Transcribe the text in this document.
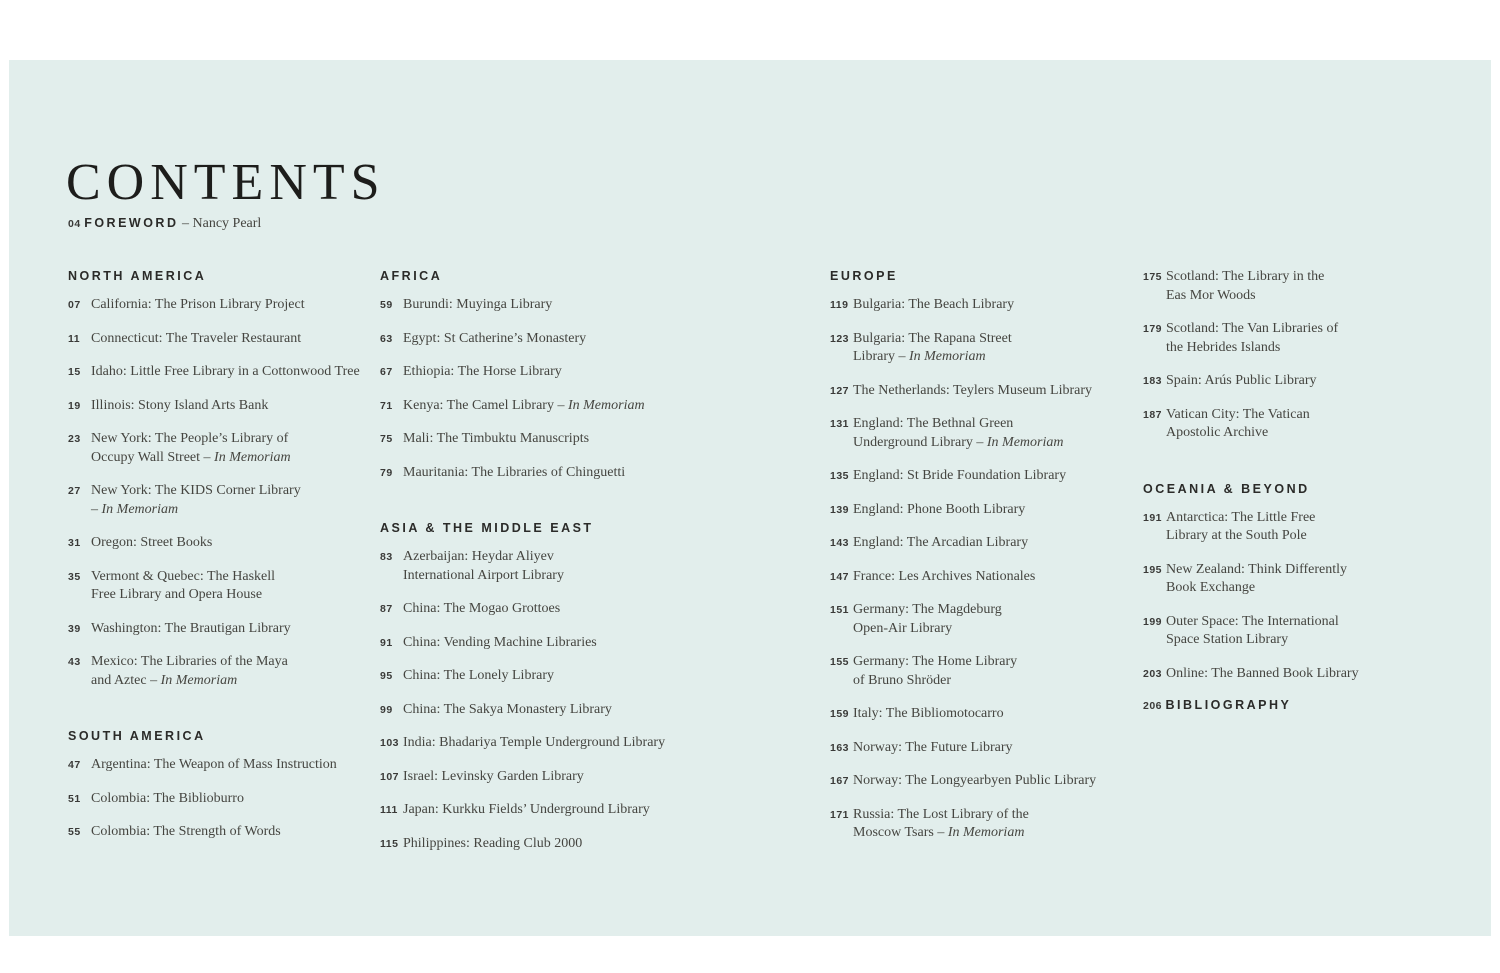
CONTENTS
04 FOREWORD – Nancy Pearl
NORTH AMERICA
07 California: The Prison Library Project
11 Connecticut: The Traveler Restaurant
15 Idaho: Little Free Library in a Cottonwood Tree
19 Illinois: Stony Island Arts Bank
23 New York: The People’s Library of
Occupy Wall Street – In Memoriam
27 New York: The KIDS Corner Library
– In Memoriam
31 Oregon: Street Books
35 Vermont & Quebec: The Haskell
Free Library and Opera House
39 Washington: The Brautigan Library
43 Mexico: The Libraries of the Maya
and Aztec – In Memoriam
SOUTH AMERICA
47 Argentina: The Weapon of Mass Instruction
51 Colombia: The Biblioburro
55 Colombia: The Strength of Words
AFRICA
59 Burundi: Muyinga Library
63 Egypt: St Catherine’s Monastery
67 Ethiopia: The Horse Library
71 Kenya: The Camel Library – In Memoriam
75 Mali: The Timbuktu Manuscripts
79 Mauritania: The Libraries of Chinguetti
ASIA & THE MIDDLE EAST
83 Azerbaijan: Heydar Aliyev
International Airport Library
87 China: The Mogao Grottoes
91 China: Vending Machine Libraries
95 China: The Lonely Library
99 China: The Sakya Monastery Library
103 India: Bhadariya Temple Underground Library
107 Israel: Levinsky Garden Library
111 Japan: Kurkku Fields’ Underground Library
115 Philippines: Reading Club 2000
EUROPE
119 Bulgaria: The Beach Library
123 Bulgaria: The Rapana Street
Library – In Memoriam
127 The Netherlands: Teylers Museum Library
131 England: The Bethnal Green
Underground Library – In Memoriam
135 England: St Bride Foundation Library
139 England: Phone Booth Library
143 England: The Arcadian Library
147 France: Les Archives Nationales
151 Germany: The Magdeburg
Open-Air Library
155 Germany: The Home Library
of Bruno Shröder
159 Italy: The Bibliomotocarro
163 Norway: The Future Library
167 Norway: The Longyearbyen Public Library
171 Russia: The Lost Library of the
Moscow Tsars – In Memoriam
175 Scotland: The Library in the
Eas Mor Woods
179 Scotland: The Van Libraries of
the Hebrides Islands
183 Spain: Arús Public Library
187 Vatican City: The Vatican
Apostolic Archive
OCEANIA & BEYOND
191 Antarctica: The Little Free
Library at the South Pole
195 New Zealand: Think Differently
Book Exchange
199 Outer Space: The International
Space Station Library
203 Online: The Banned Book Library
206 BIBLIOGRAPHY
